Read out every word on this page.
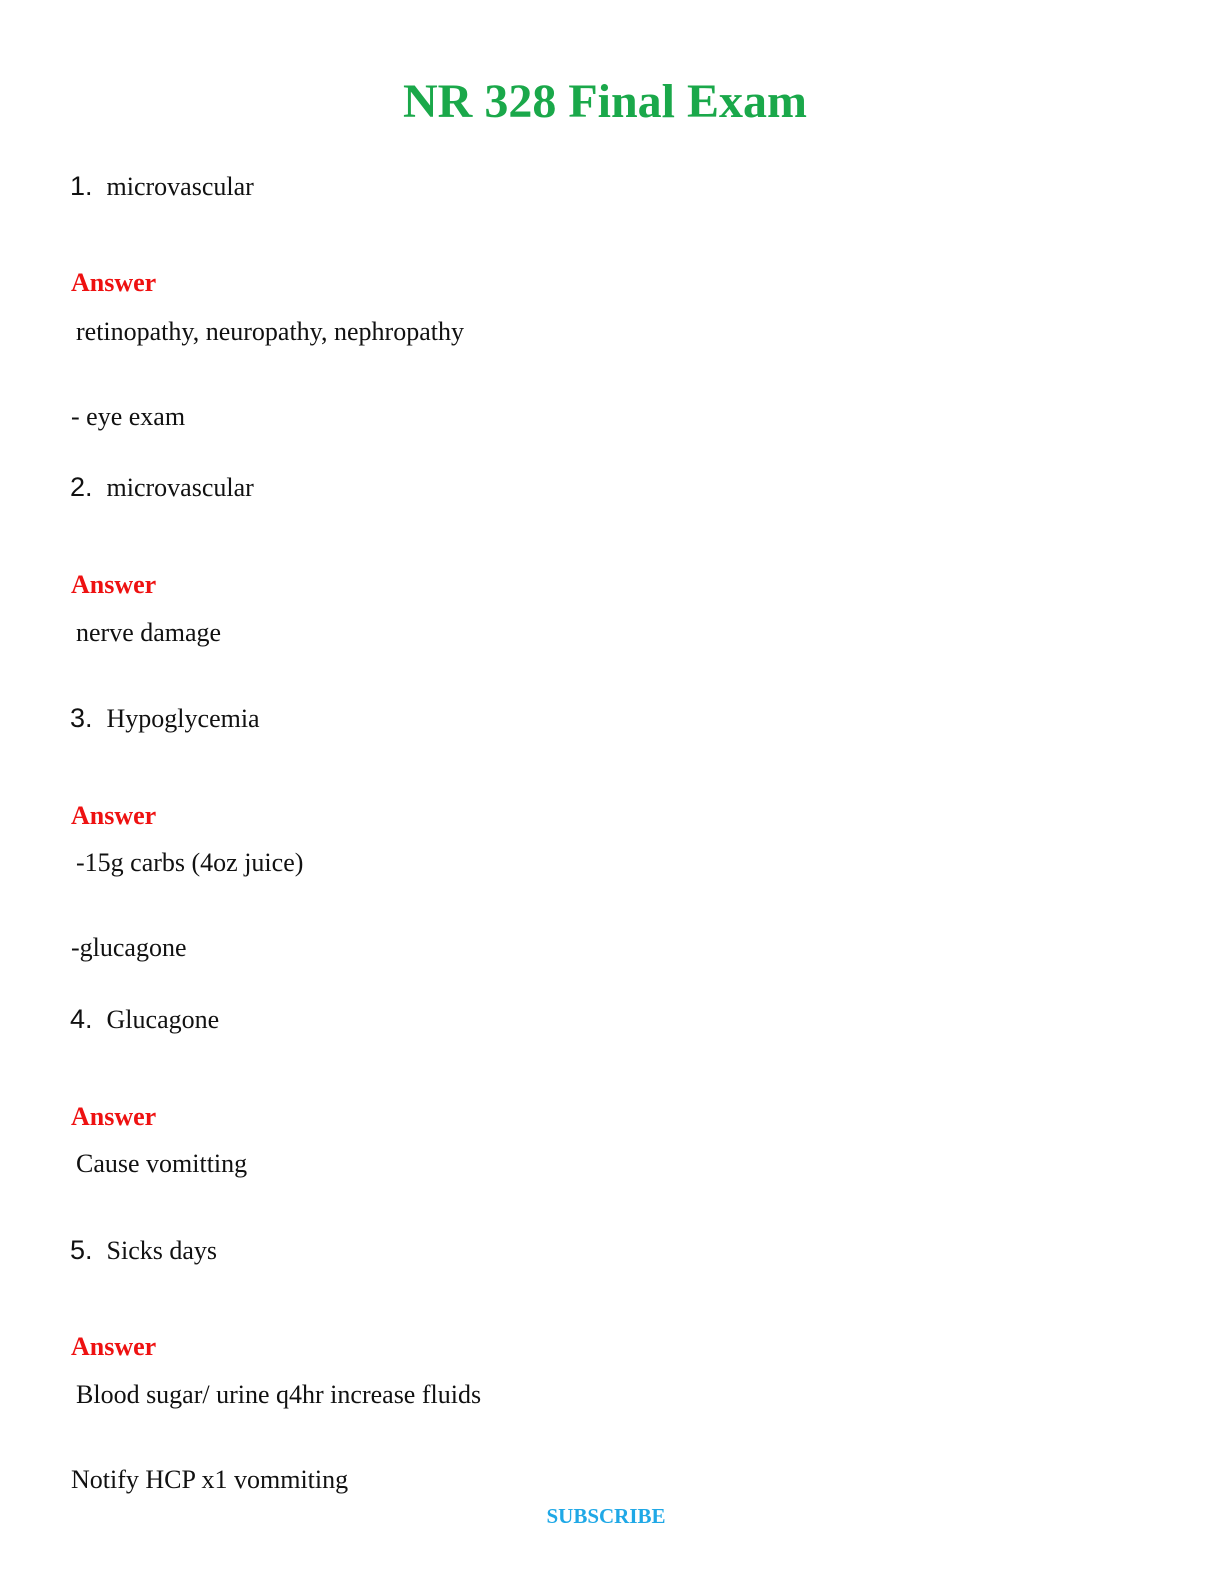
NR 328 Final Exam
1. microvascular
Answer
retinopathy, neuropathy, nephropathy
- eye exam
2. microvascular
Answer
nerve damage
3. Hypoglycemia
Answer
-15g carbs (4oz juice)
-glucagone
4. Glucagone
Answer
Cause vomitting
5. Sicks days
Answer
Blood sugar/ urine q4hr increase fluids
Notify HCP x1 vommiting
SUBSCRIBE
